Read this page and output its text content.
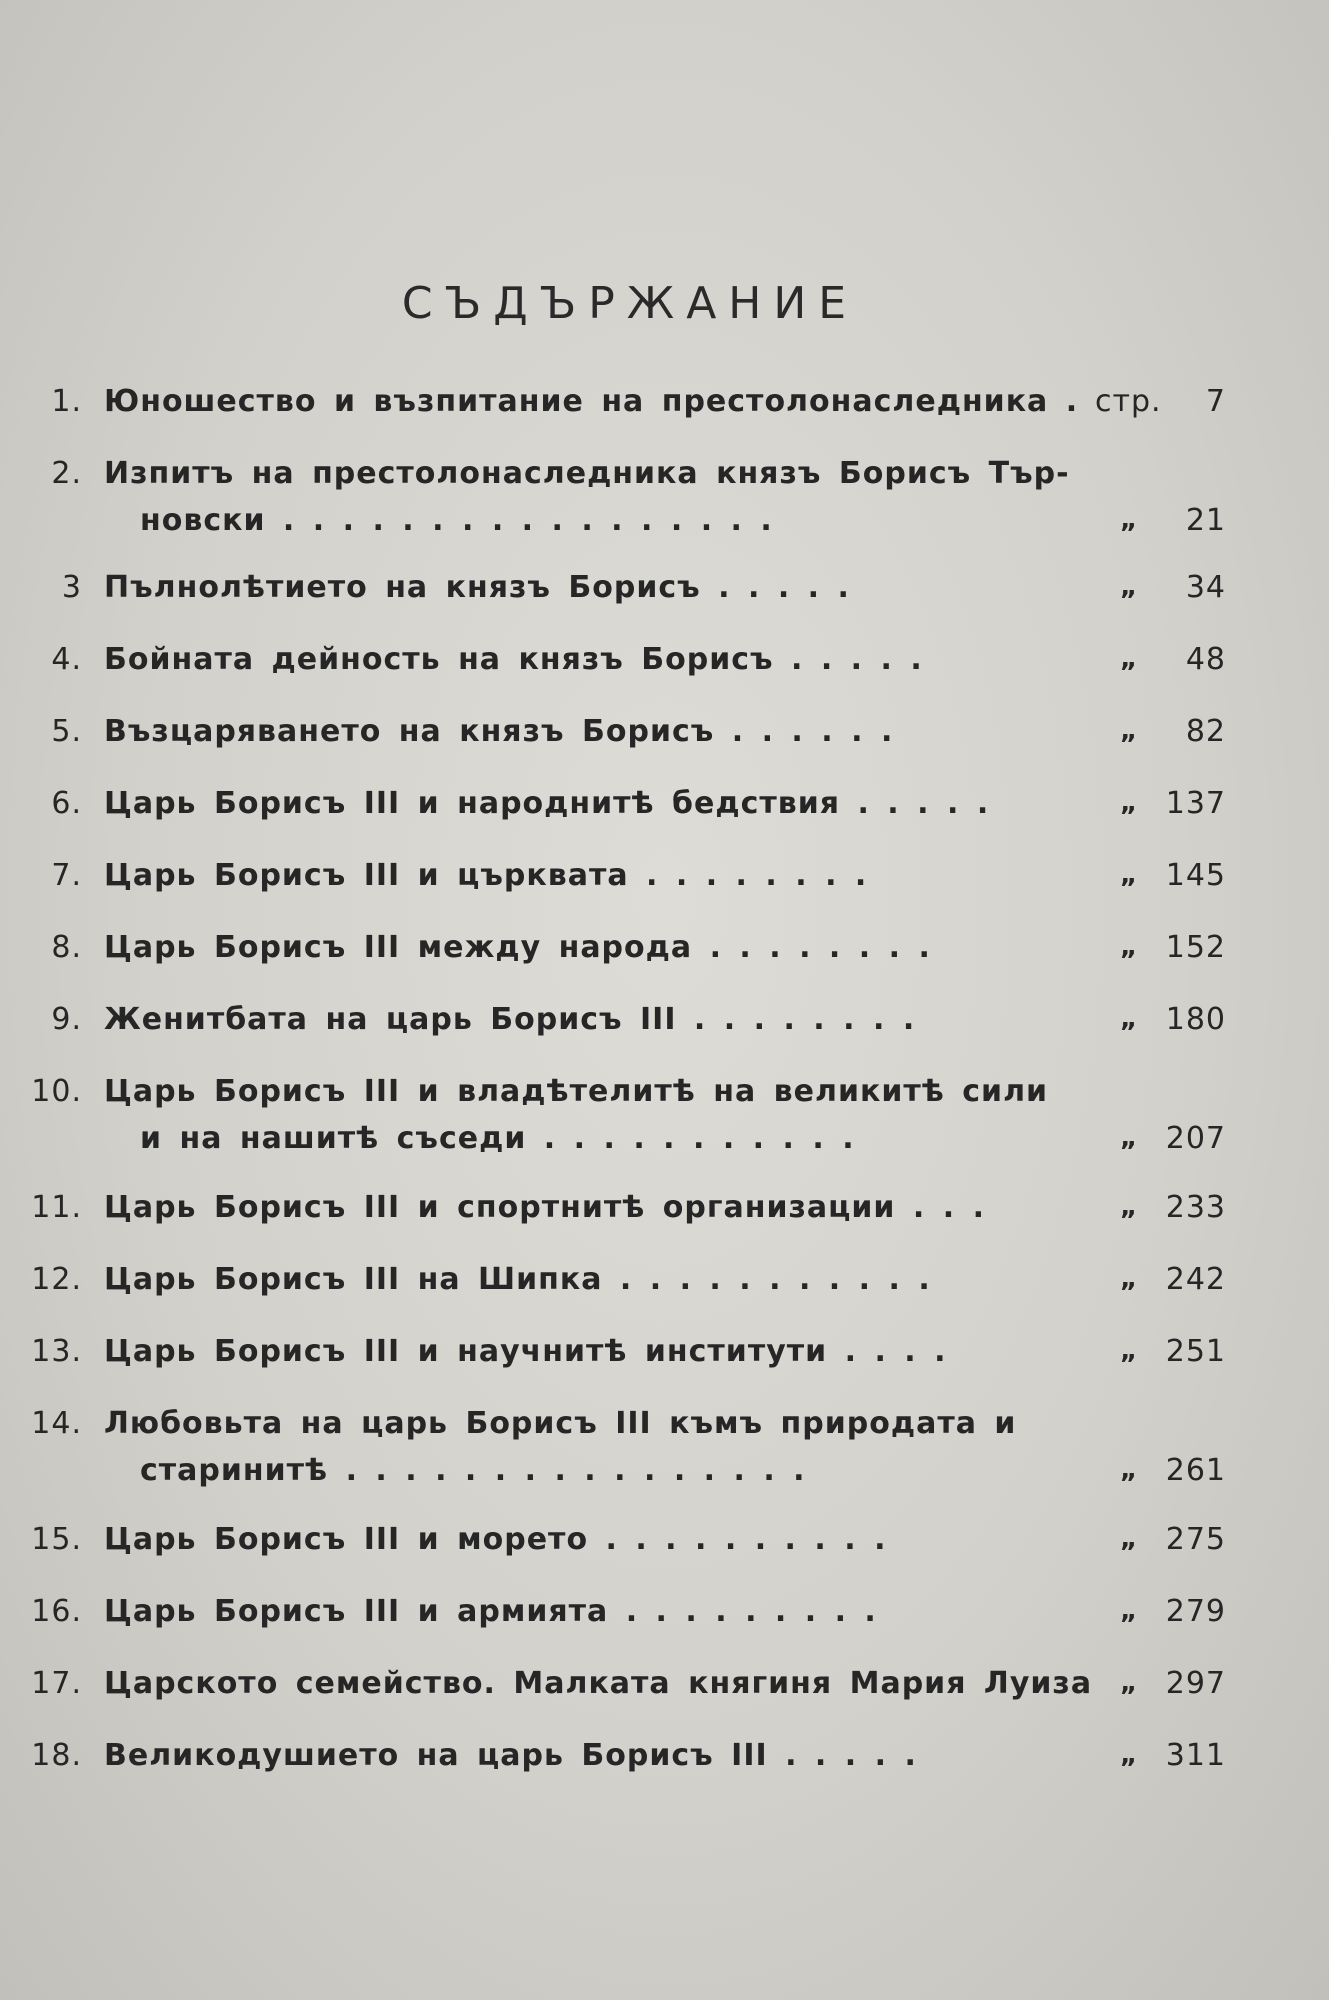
СЪДЪРЖАНИЕ
1. Юношество и възпитание на престолонаследника . стр.	7
2. Изпитъ на престолонаследника князъ Борисъ Тър-
новски . . . . . . . . . . . . . . . . .	„	21
3 Пълнолѣтието на князъ Борисъ . . . . .	„	34
4. Бойната дейность на князъ Борисъ . . . . .	„	48
5. Възцаряването на князъ Борисъ . . . . . .	„	82
6. Царь Борисъ III и народнитѣ бедствия . . . . .	„ 137
7. Царь Борисъ III и църквата . . . . . . . .	„ 145
8. Царь Борисъ III между народа . . . . . . . .	„ 152
9. Женитбата на царь Борисъ III . . . . . . . .	„ 180
10. Царь Борисъ III и владѣтелитѣ на великитѣ сили
и на нашитѣ съседи . . . . . . . . . . .	„ 207
11. Царь Борисъ III и спортнитѣ организации . . .	„ 233
12. Царь Борисъ III на Шипка . . . . . . . . . . .	„ 242
13. Царь Борисъ III и научнитѣ институти . . . .	„ 251
14. Любовьта на царь Борисъ III къмъ природата и
старинитѣ . . . . . . . . . . . . . . . .	„ 261
15. Царь Борисъ III и морето . . . . . . . . . .	„ 275
16. Царь Борисъ III и армията . . . . . . . . .	„ 279
17. Царското семейство. Малката княгиня Мария Луиза „ 297
18. Великодушието на царь Борисъ III . . . . .	„ 311
